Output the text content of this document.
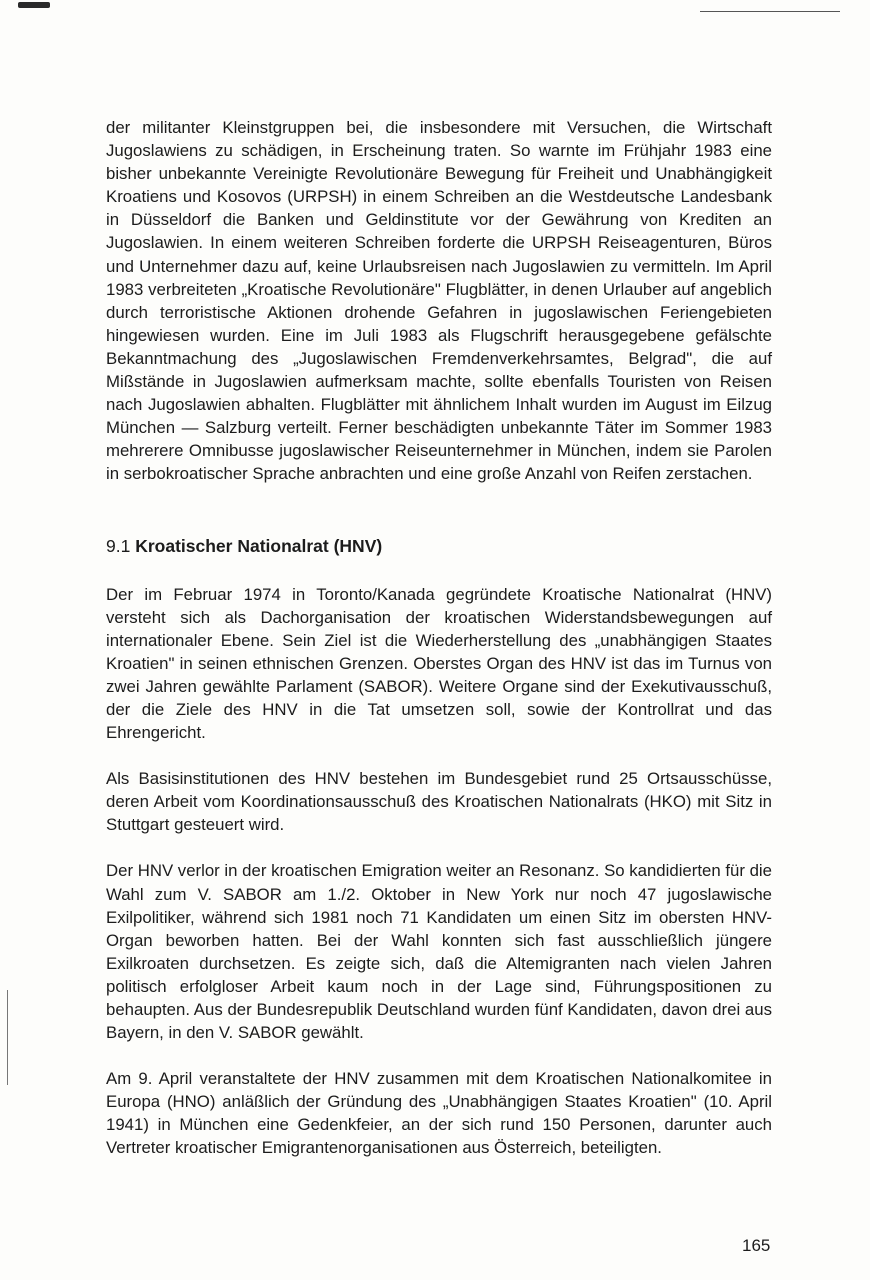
der militanter Kleinstgruppen bei, die insbesondere mit Versuchen, die Wirtschaft Jugoslawiens zu schädigen, in Erscheinung traten. So warnte im Frühjahr 1983 eine bisher unbekannte Vereinigte Revolutionäre Bewegung für Freiheit und Unabhängigkeit Kroatiens und Kosovos (URPSH) in einem Schreiben an die Westdeutsche Landesbank in Düsseldorf die Banken und Geldinstitute vor der Gewährung von Krediten an Jugoslawien. In einem weiteren Schreiben forderte die URPSH Reiseagenturen, Büros und Unternehmer dazu auf, keine Urlaubsreisen nach Jugoslawien zu vermitteln. Im April 1983 verbreiteten „Kroatische Revolutionäre" Flugblätter, in denen Urlauber auf angeblich durch terroristische Aktionen drohende Gefahren in jugoslawischen Feriengebieten hingewiesen wurden. Eine im Juli 1983 als Flugschrift herausgegebene gefälschte Bekanntmachung des „Jugoslawischen Fremdenverkehrsamtes, Belgrad", die auf Mißstände in Jugoslawien aufmerksam machte, sollte ebenfalls Touristen von Reisen nach Jugoslawien abhalten. Flugblätter mit ähnlichem Inhalt wurden im August im Eilzug München — Salzburg verteilt. Ferner beschädigten unbekannte Täter im Sommer 1983 mehrerere Omnibusse jugoslawischer Reiseunternehmer in München, indem sie Parolen in serbokroatischer Sprache anbrachten und eine große Anzahl von Reifen zerstachen.

9.1 Kroatischer Nationalrat (HNV)

Der im Februar 1974 in Toronto/Kanada gegründete Kroatische Nationalrat (HNV) versteht sich als Dachorganisation der kroatischen Widerstandsbewegungen auf internationaler Ebene. Sein Ziel ist die Wiederherstellung des „unabhängigen Staates Kroatien" in seinen ethnischen Grenzen. Oberstes Organ des HNV ist das im Turnus von zwei Jahren gewählte Parlament (SABOR). Weitere Organe sind der Exekutivausschuß, der die Ziele des HNV in die Tat umsetzen soll, sowie der Kontrollrat und das Ehrengericht.

Als Basisinstitutionen des HNV bestehen im Bundesgebiet rund 25 Ortsausschüsse, deren Arbeit vom Koordinationsausschuß des Kroatischen Nationalrats (HKO) mit Sitz in Stuttgart gesteuert wird.

Der HNV verlor in der kroatischen Emigration weiter an Resonanz. So kandidierten für die Wahl zum V. SABOR am 1./2. Oktober in New York nur noch 47 jugoslawische Exilpolitiker, während sich 1981 noch 71 Kandidaten um einen Sitz im obersten HNV-Organ beworben hatten. Bei der Wahl konnten sich fast ausschließlich jüngere Exilkroaten durchsetzen. Es zeigte sich, daß die Altemigranten nach vielen Jahren politisch erfolgloser Arbeit kaum noch in der Lage sind, Führungspositionen zu behaupten. Aus der Bundesrepublik Deutschland wurden fünf Kandidaten, davon drei aus Bayern, in den V. SABOR gewählt.

Am 9. April veranstaltete der HNV zusammen mit dem Kroatischen Nationalkomitee in Europa (HNO) anläßlich der Gründung des „Unabhängigen Staates Kroatien" (10. April 1941) in München eine Gedenkfeier, an der sich rund 150 Personen, darunter auch Vertreter kroatischer Emigrantenorganisationen aus Österreich, beteiligten.

165
